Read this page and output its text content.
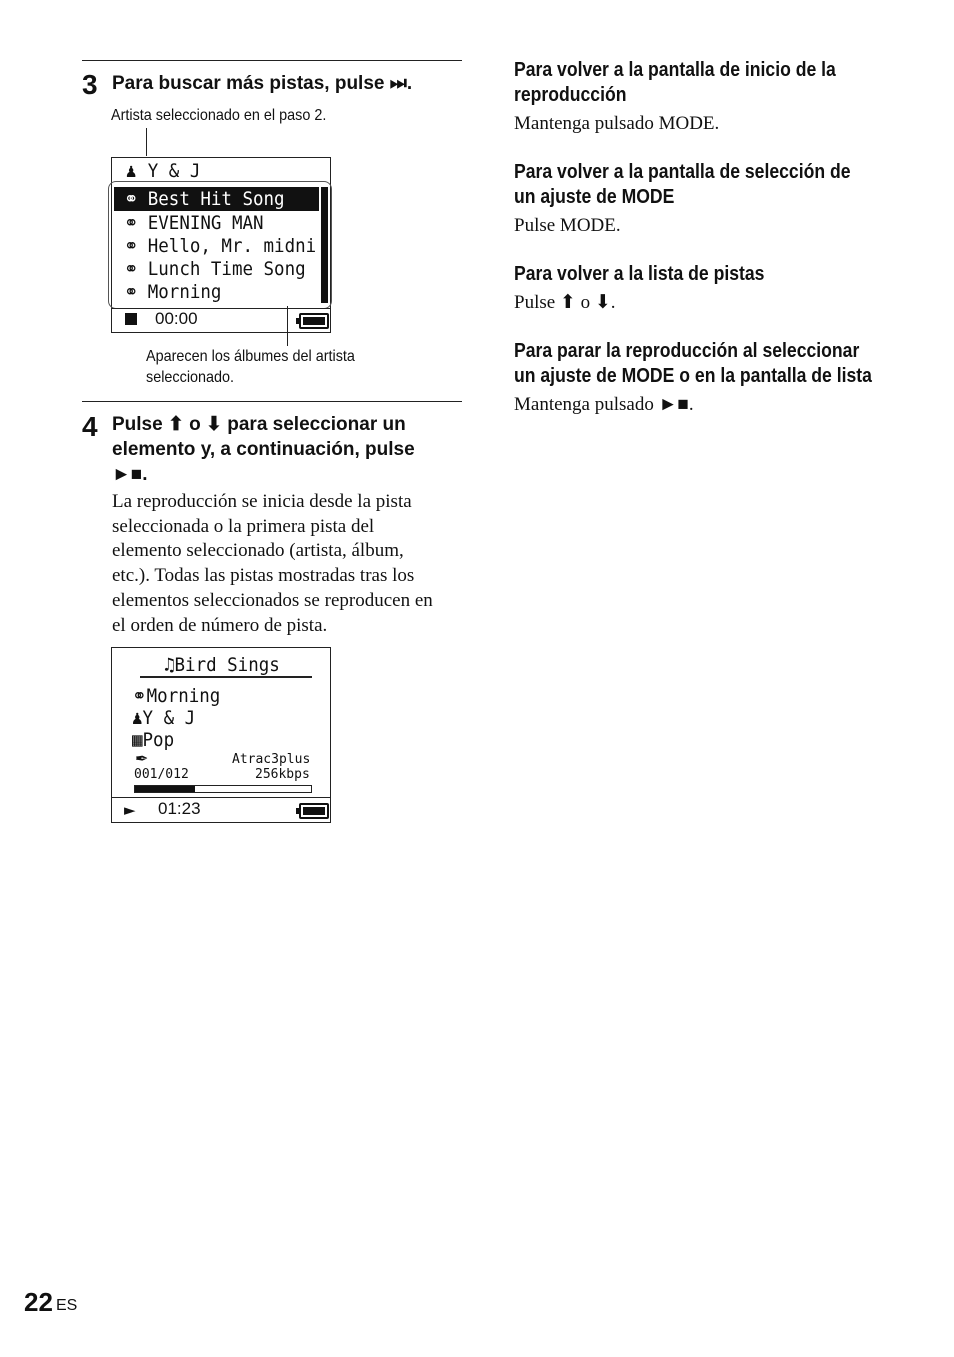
3 Para buscar más pistas, pulse ⏭.
Artista seleccionado en el paso 2.
♟ Y & J
⚭ Best Hit Song
⚭ EVENING MAN
⚭ Hello, Mr. midni
⚭ Lunch Time Song
⚭ Morning
00:00
Aparecen los álbumes del artista
seleccionado.
4 Pulse ⬆ o ⬇ para seleccionar un
elemento y, a continuación, pulse
►■.
La reproducción se inicia desde la pista
seleccionada o la primera pista del
elemento seleccionado (artista, álbum,
etc.). Todas las pistas mostradas tras los
elementos seleccionados se reproducen en
el orden de número de pista.
♫Bird Sings
⚭Morning
♟Y & J
▦Pop
✒	Atrac3plus
001/012	256kbps
► 01:23
Para volver a la pantalla de inicio de la
reproducción
Mantenga pulsado MODE.
Para volver a la pantalla de selección de
un ajuste de MODE
Pulse MODE.
Para volver a la lista de pistas
Pulse ⬆ o ⬇.
Para parar la reproducción al seleccionar
un ajuste de MODE o en la pantalla de lista
Mantenga pulsado ►■.
22 ES
